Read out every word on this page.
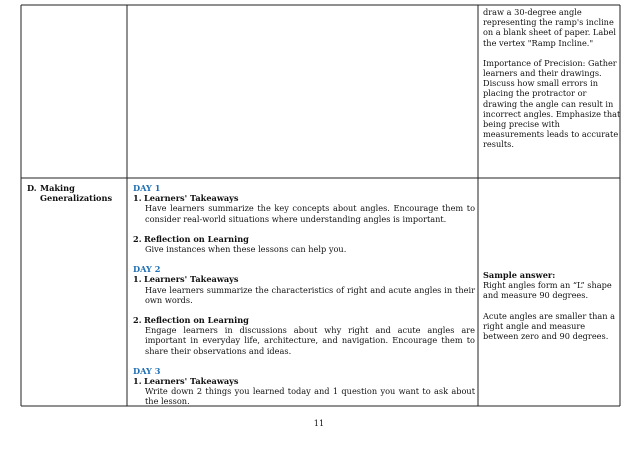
draw a 30-degree angle representing the ramp's incline on a blank sheet of paper. Label the vertex "Ramp Incline."

Importance of Precision: Gather learners and their drawings. Discuss how small errors in placing the protractor or drawing the angle can result in incorrect angles. Emphasize that being precise with measurements leads to accurate results.

D. Making
Generalizations
DAY 1
1. Learners' Takeaways
Have learners summarize the key concepts about angles. Encourage them to consider real-world situations where understanding angles is important.
2. Reflection on Learning
Give instances when these lessons can help you.
DAY 2
1. Learners' Takeaways
Have learners summarize the characteristics of right and acute angles in their own words.
2. Reflection on Learning
Engage learners in discussions about why right and acute angles are important in everyday life, architecture, and navigation. Encourage them to share their observations and ideas.
DAY 3
1. Learners' Takeaways
Write down 2 things you learned today and 1 question you want to ask about the lesson.
Sample answer:

Right angles form an “L” shape and measure 90 degrees.

Acute angles are smaller than a right angle and measure between zero and 90 degrees.

11
